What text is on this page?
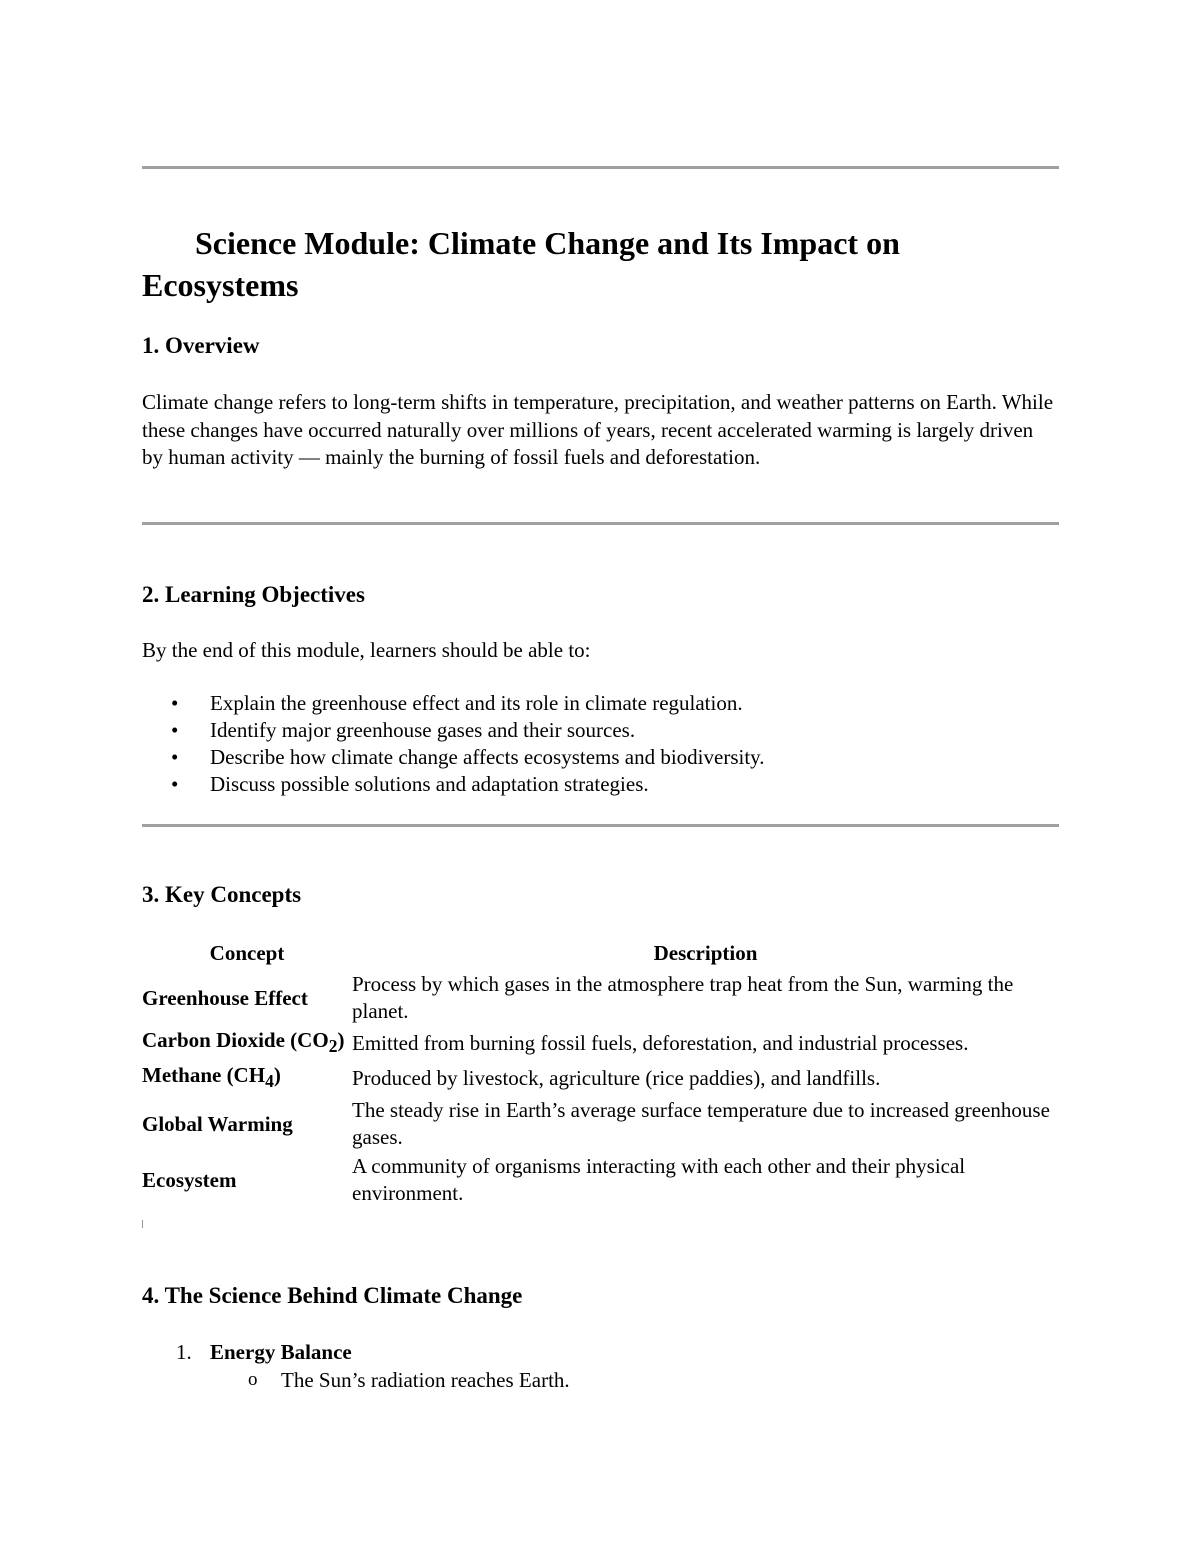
Science Module: Climate Change and Its Impact on Ecosystems
1. Overview

Climate change refers to long-term shifts in temperature, precipitation, and weather patterns on Earth. While these changes have occurred naturally over millions of years, recent accelerated warming is largely driven by human activity — mainly the burning of fossil fuels and deforestation.

2. Learning Objectives

By the end of this module, learners should be able to:

• Explain the greenhouse effect and its role in climate regulation.
• Identify major greenhouse gases and their sources.
• Describe how climate change affects ecosystems and biodiversity.
• Discuss possible solutions and adaptation strategies.
3. Key Concepts
Concept	Description
Greenhouse Effect	Process by which gases in the atmosphere trap heat from the Sun, warming the planet.
Carbon Dioxide $(CO_2)$	Emitted from burning fossil fuels, deforestation, and industrial processes.
Methane $(CH_4)$	Produced by livestock, agriculture (rice paddies), and landfills.
Global Warming	The steady rise in Earth’s average surface temperature due to increased greenhouse gases.
Ecosystem	A community of organisms interacting with each other and their physical environment.
4. The Science Behind Climate Change
1. Energy Balance
o The Sun’s radiation reaches Earth.
